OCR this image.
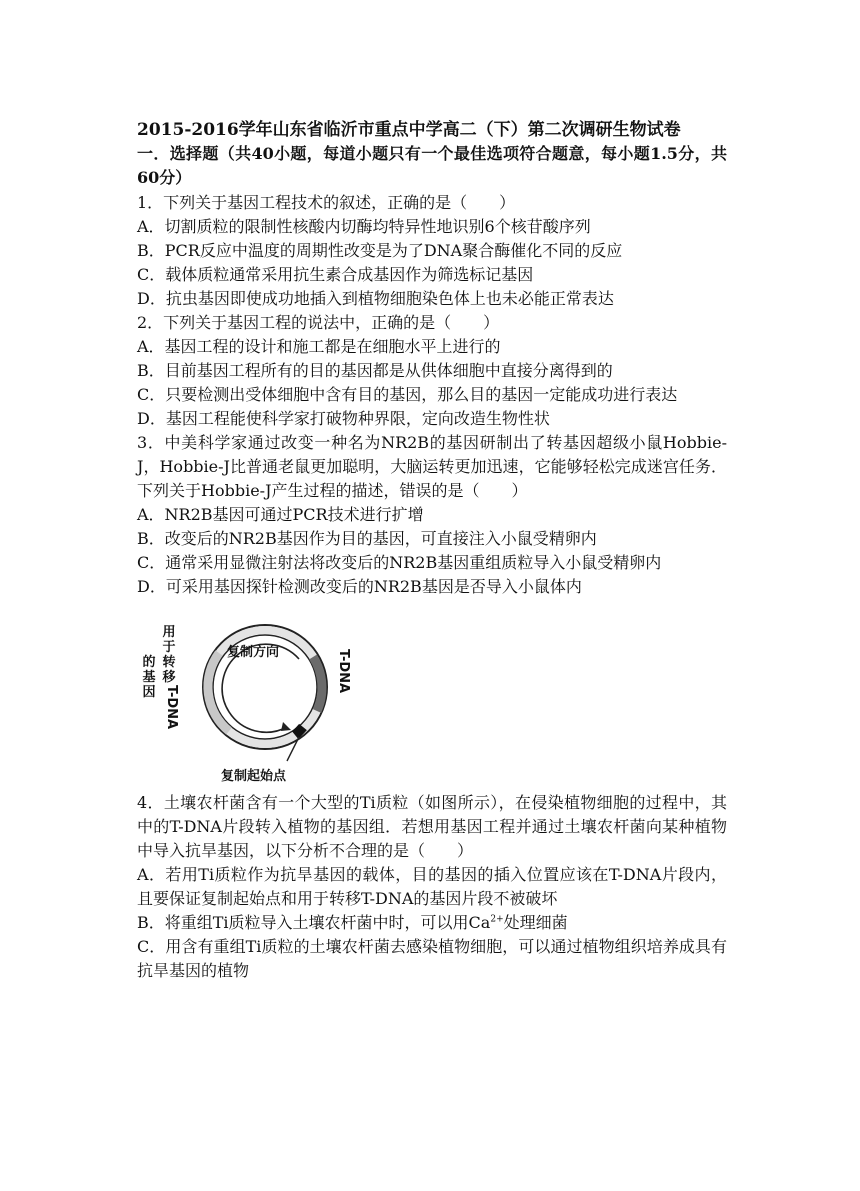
2015-2016学年山东省临沂市重点中学高二（下）第二次调研生物试卷
一．选择题（共40小题，每道小题只有一个最佳选项符合题意，每小题1.5分，共60分）
1．下列关于基因工程技术的叙述，正确的是（　　）
A．切割质粒的限制性核酸内切酶均特异性地识别6个核苷酸序列
B．PCR反应中温度的周期性改变是为了DNA聚合酶催化不同的反应
C．载体质粒通常采用抗生素合成基因作为筛选标记基因
D．抗虫基因即使成功地插入到植物细胞染色体上也未必能正常表达
2．下列关于基因工程的说法中，正确的是（　　）
A．基因工程的设计和施工都是在细胞水平上进行的
B．目前基因工程所有的目的基因都是从供体细胞中直接分离得到的
C．只要检测出受体细胞中含有目的基因，那么目的基因一定能成功进行表达
D．基因工程能使科学家打破物种界限，定向改造生物性状
3．中美科学家通过改变一种名为NR2B的基因研制出了转基因超级小鼠Hobbie-J，Hobbie-J比普通老鼠更加聪明，大脑运转更加迅速，它能够轻松完成迷宫任务．下列关于Hobbie-J产生过程的描述，错误的是（　　）
A．NR2B基因可通过PCR技术进行扩增
B．改变后的NR2B基因作为目的基因，可直接注入小鼠受精卵内
C．通常采用显微注射法将改变后的NR2B基因重组质粒导入小鼠受精卵内
D．可采用基因探针检测改变后的NR2B基因是否导入小鼠体内
用于转移
的基因 T-DNA
复制方向	T-DNA
复制起始点
4．土壤农杆菌含有一个大型的Ti质粒（如图所示），在侵染植物细胞的过程中，其中的T-DNA片段转入植物的基因组．若想用基因工程并通过土壤农杆菌向某种植物中导入抗旱基因，以下分析不合理的是（　　）
A．若用Ti质粒作为抗旱基因的载体，目的基因的插入位置应该在T-DNA片段内，且要保证复制起始点和用于转移T-DNA的基因片段不被破坏
B．将重组Ti质粒导入土壤农杆菌中时，可以用$Ca^{2+}$处理细菌
C．用含有重组Ti质粒的土壤农杆菌去感染植物细胞，可以通过植物组织培养成具有抗旱基因的植物
